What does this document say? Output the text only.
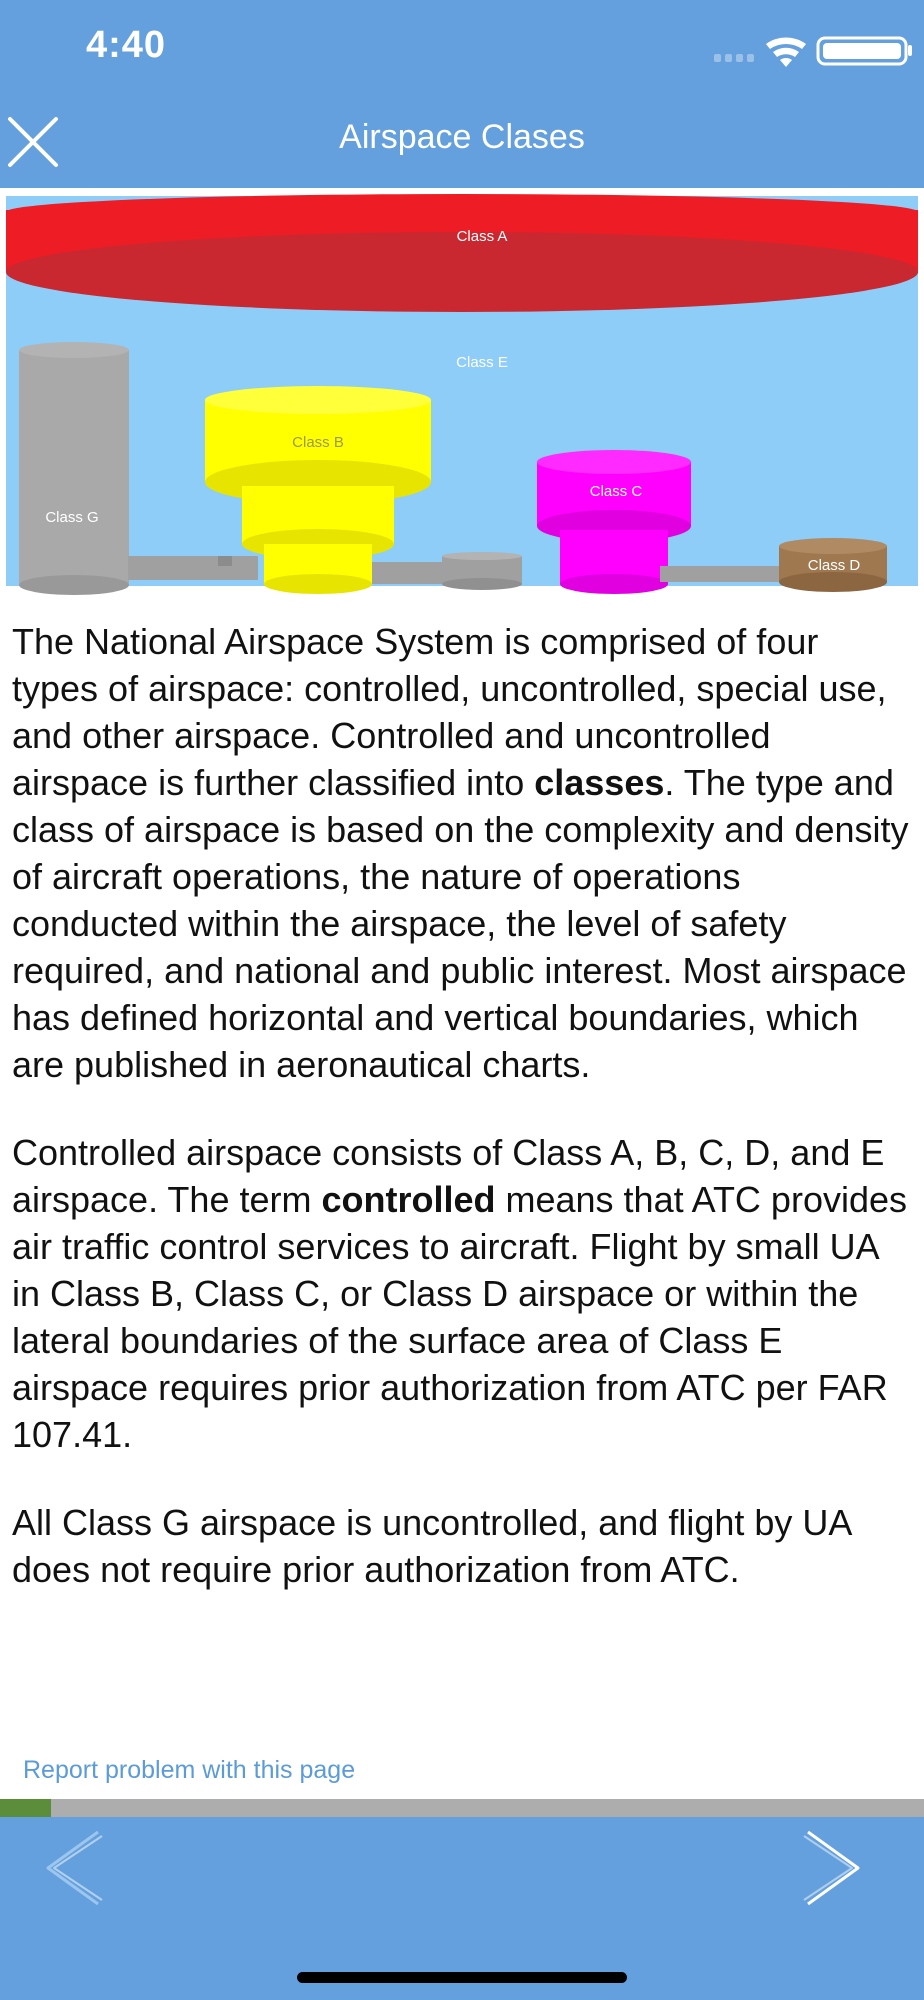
4:40
Airspace Clases
Class A
Class E
Class B
Class C
Class D
Class G

The National Airspace System is comprised of four types of airspace: controlled, uncontrolled, special use, and other airspace. Controlled and uncontrolled airspace is further classified into classes. The type and class of airspace is based on the complexity and density of aircraft operations, the nature of operations conducted within the airspace, the level of safety required, and national and public interest. Most airspace has defined horizontal and vertical boundaries, which are published in aeronautical charts.

Controlled airspace consists of Class A, B, C, D, and E airspace. The term controlled means that ATC provides air traffic control services to aircraft. Flight by small UA in Class B, Class C, or Class D airspace or within the lateral boundaries of the surface area of Class E airspace requires prior authorization from ATC per FAR 107.41.

All Class G airspace is uncontrolled, and flight by UA does not require prior authorization from ATC.

Report problem with this page
